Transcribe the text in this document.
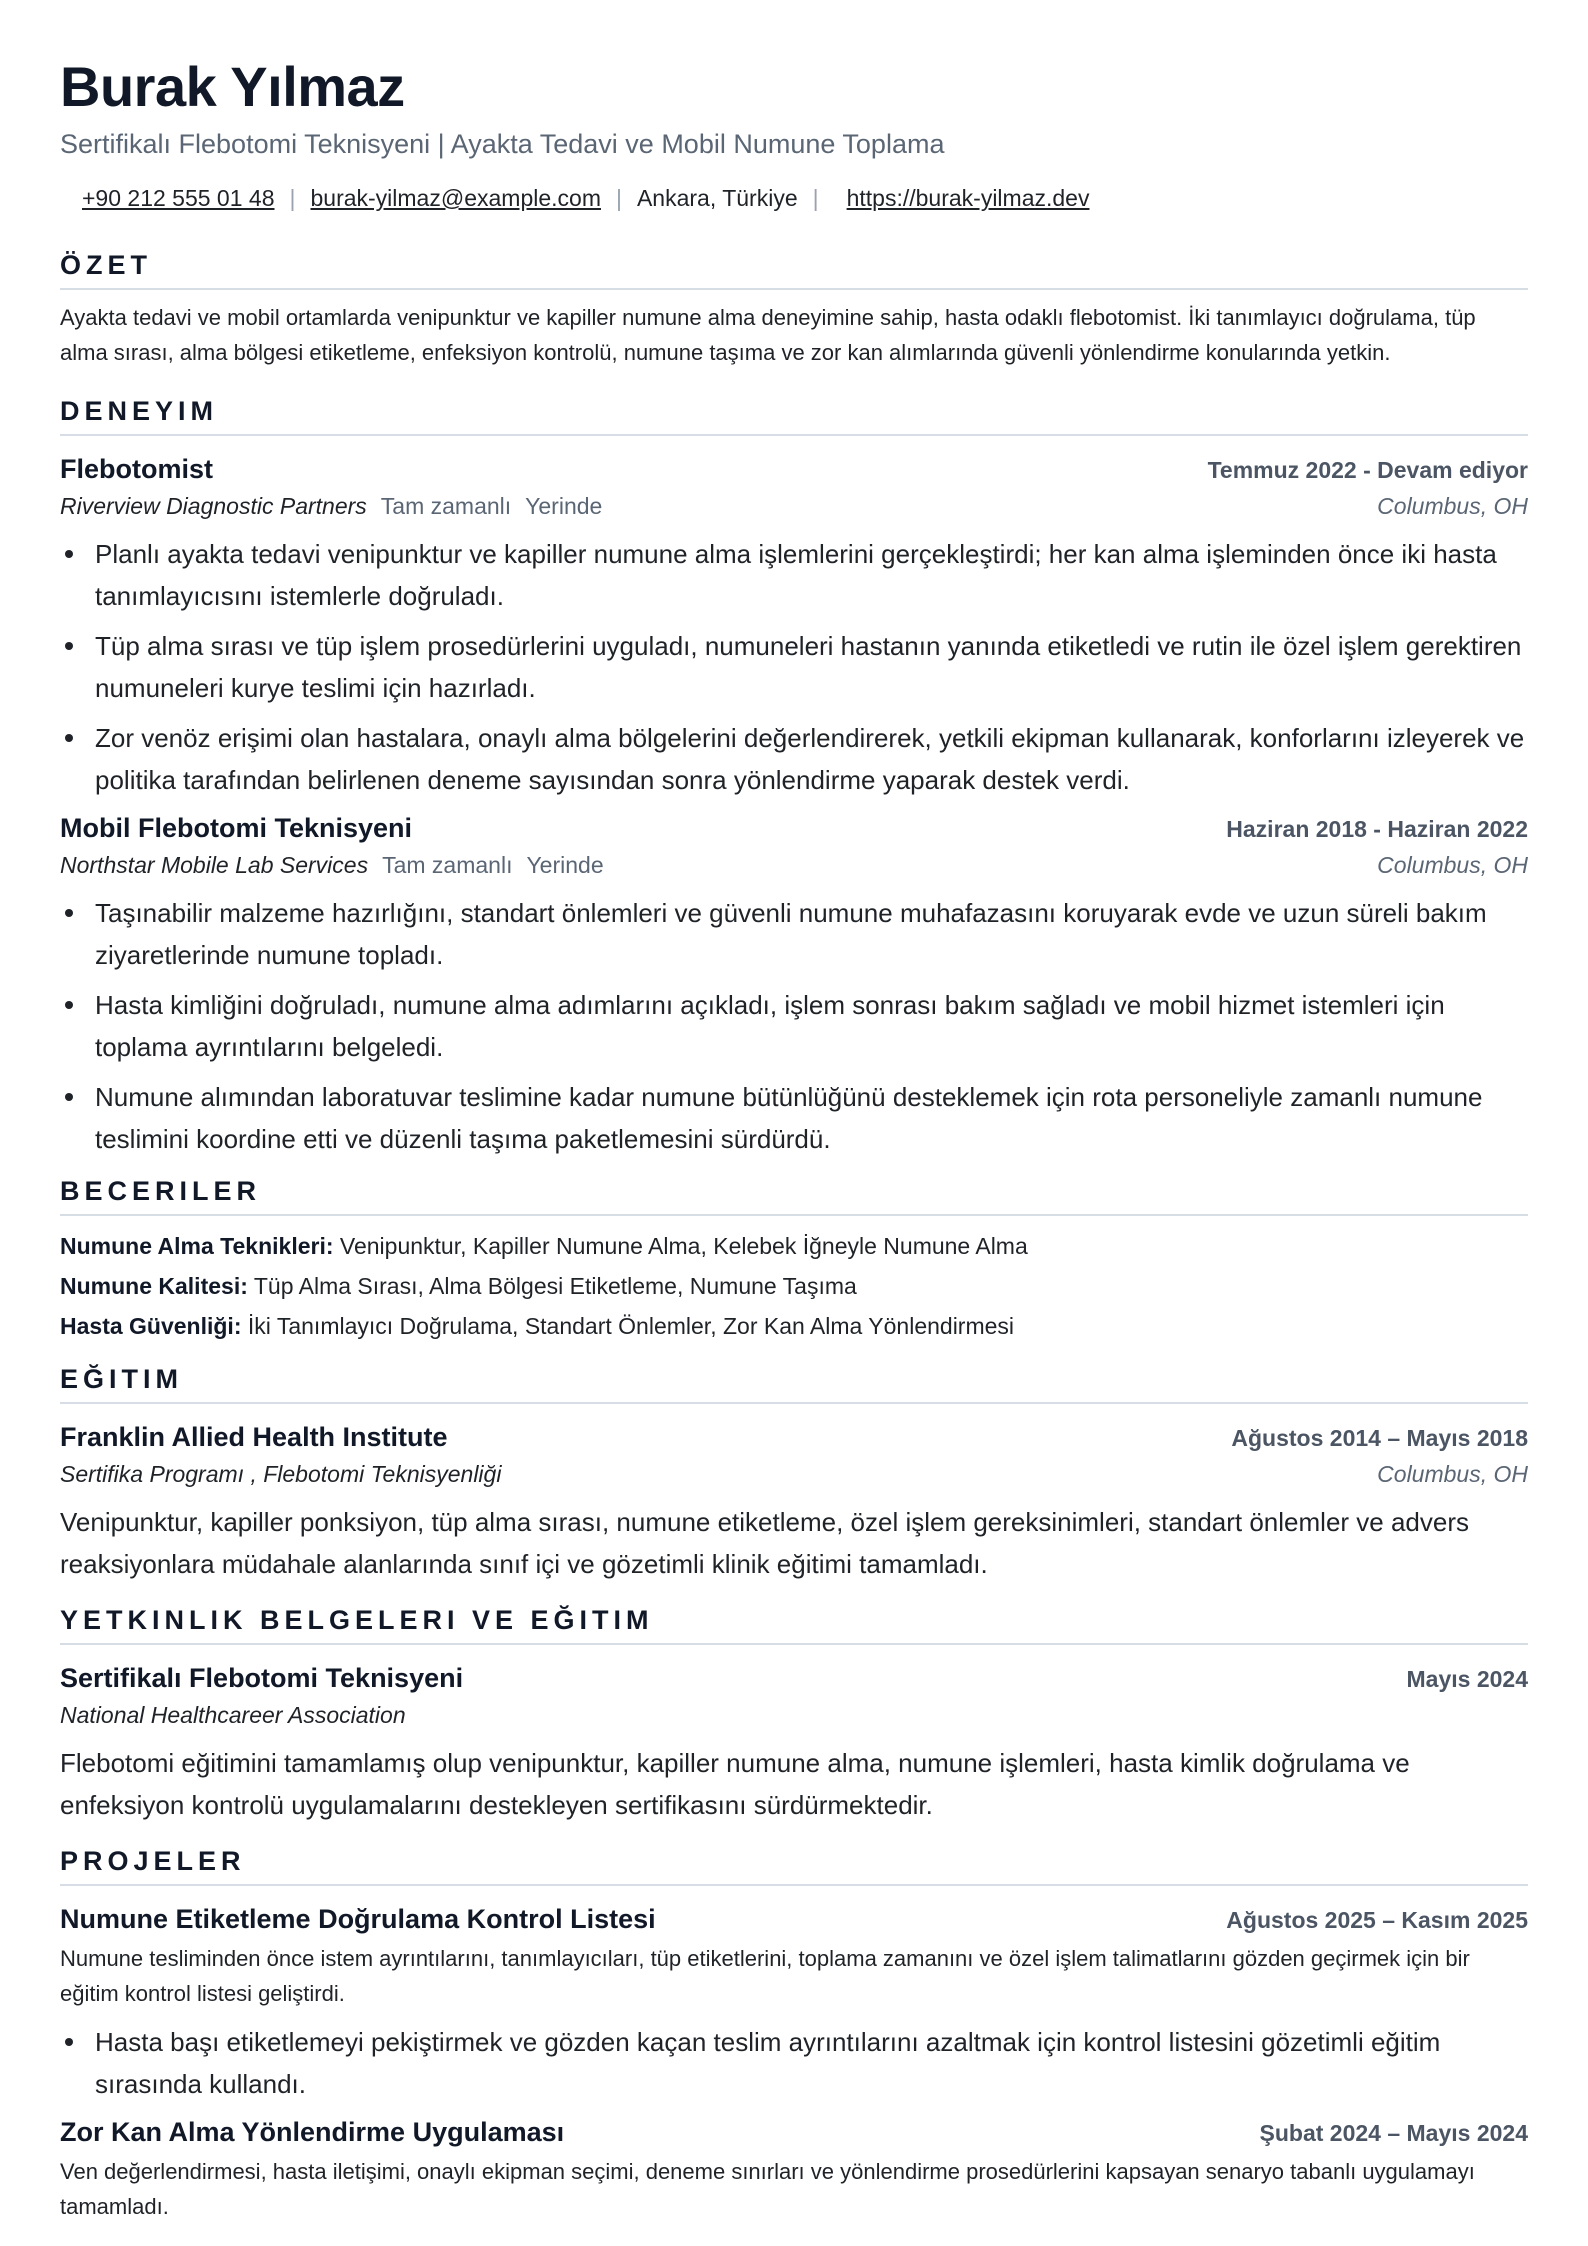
Burak Yılmaz
Sertifikalı Flebotomi Teknisyeni | Ayakta Tedavi ve Mobil Numune Toplama
+90 212 555 01 48 | burak-yilmaz@example.com | Ankara, Türkiye | https://burak-yilmaz.dev
ÖZET

Ayakta tedavi ve mobil ortamlarda venipunktur ve kapiller numune alma deneyimine sahip, hasta odaklı flebotomist. İki tanımlayıcı doğrulama, tüp alma sırası, alma bölgesi etiketleme, enfeksiyon kontrolü, numune taşıma ve zor kan alımlarında güvenli yönlendirme konularında yetkin.

DENEYIM
Flebotomist	Temmuz 2022 - Devam ediyor
Riverview Diagnostic Partners Tam zamanlı Yerinde	Columbus, OH
Planlı ayakta tedavi venipunktur ve kapiller numune alma işlemlerini gerçekleştirdi; her kan alma işleminden önce iki hasta tanımlayıcısını istemlerle doğruladı.
Tüp alma sırası ve tüp işlem prosedürlerini uyguladı, numuneleri hastanın yanında etiketledi ve rutin ile özel işlem gerektiren numuneleri kurye teslimi için hazırladı.
Zor venöz erişimi olan hastalara, onaylı alma bölgelerini değerlendirerek, yetkili ekipman kullanarak, konforlarını izleyerek ve politika tarafından belirlenen deneme sayısından sonra yönlendirme yaparak destek verdi.
Mobil Flebotomi Teknisyeni	Haziran 2018 - Haziran 2022
Northstar Mobile Lab Services Tam zamanlı Yerinde	Columbus, OH
Taşınabilir malzeme hazırlığını, standart önlemleri ve güvenli numune muhafazasını koruyarak evde ve uzun süreli bakım ziyaretlerinde numune topladı.
Hasta kimliğini doğruladı, numune alma adımlarını açıkladı, işlem sonrası bakım sağladı ve mobil hizmet istemleri için toplama ayrıntılarını belgeledi.
Numune alımından laboratuvar teslimine kadar numune bütünlüğünü desteklemek için rota personeliyle zamanlı numune teslimini koordine etti ve düzenli taşıma paketlemesini sürdürdü.
BECERILER
Numune Alma Teknikleri: Venipunktur, Kapiller Numune Alma, Kelebek İğneyle Numune Alma
Numune Kalitesi: Tüp Alma Sırası, Alma Bölgesi Etiketleme, Numune Taşıma
Hasta Güvenliği: İki Tanımlayıcı Doğrulama, Standart Önlemler, Zor Kan Alma Yönlendirmesi
EĞITIM
Franklin Allied Health Institute	Ağustos 2014 – Mayıs 2018
Sertifika Programı , Flebotomi Teknisyenliği	Columbus, OH

Venipunktur, kapiller ponksiyon, tüp alma sırası, numune etiketleme, özel işlem gereksinimleri, standart önlemler ve advers reaksiyonlara müdahale alanlarında sınıf içi ve gözetimli klinik eğitimi tamamladı.

YETKINLIK BELGELERI VE EĞITIM
Sertifikalı Flebotomi Teknisyeni	Mayıs 2024
National Healthcareer Association

Flebotomi eğitimini tamamlamış olup venipunktur, kapiller numune alma, numune işlemleri, hasta kimlik doğrulama ve enfeksiyon kontrolü uygulamalarını destekleyen sertifikasını sürdürmektedir.

PROJELER
Numune Etiketleme Doğrulama Kontrol Listesi	Ağustos 2025 – Kasım 2025

Numune tesliminden önce istem ayrıntılarını, tanımlayıcıları, tüp etiketlerini, toplama zamanını ve özel işlem talimatlarını gözden geçirmek için bir eğitim kontrol listesi geliştirdi.

Hasta başı etiketlemeyi pekiştirmek ve gözden kaçan teslim ayrıntılarını azaltmak için kontrol listesini gözetimli eğitim sırasında kullandı.
Zor Kan Alma Yönlendirme Uygulaması	Şubat 2024 – Mayıs 2024

Ven değerlendirmesi, hasta iletişimi, onaylı ekipman seçimi, deneme sınırları ve yönlendirme prosedürlerini kapsayan senaryo tabanlı uygulamayı tamamladı.
